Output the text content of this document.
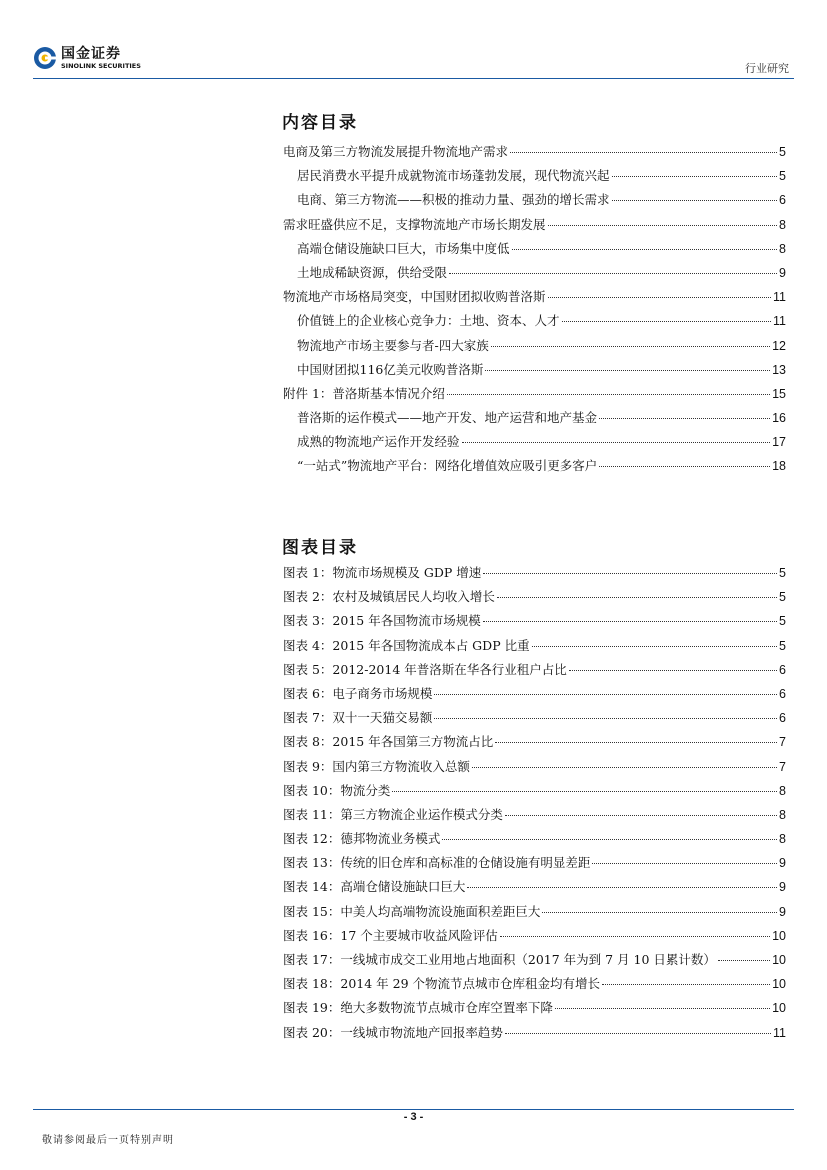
国金证券
SINOLINK SECURITIES	行业研究
内容目录
电商及第三方物流发展提升物流地产需求	5
居民消费水平提升成就物流市场蓬勃发展，现代物流兴起	5
电商、第三方物流——积极的推动力量、强劲的增长需求	6
需求旺盛供应不足，支撑物流地产市场长期发展	8
高端仓储设施缺口巨大，市场集中度低	8
土地成稀缺资源，供给受限	9
物流地产市场格局突变，中国财团拟收购普洛斯	11
价值链上的企业核心竞争力：土地、资本、人才	11
物流地产市场主要参与者-四大家族	12
中国财团拟116亿美元收购普洛斯	13
附件 1：普洛斯基本情况介绍	15
普洛斯的运作模式——地产开发、地产运营和地产基金	16
成熟的物流地产运作开发经验	17
“一站式”物流地产平台：网络化增值效应吸引更多客户	18
图表目录
图表 1：物流市场规模及 GDP 增速	5
图表 2：农村及城镇居民人均收入增长	5
图表 3：2015 年各国物流市场规模	5
图表 4：2015 年各国物流成本占 GDP 比重	5
图表 5：2012-2014 年普洛斯在华各行业租户占比	6
图表 6：电子商务市场规模	6
图表 7：双十一天猫交易额	6
图表 8：2015 年各国第三方物流占比	7
图表 9：国内第三方物流收入总额	7
图表 10：物流分类	8
图表 11：第三方物流企业运作模式分类	8
图表 12：德邦物流业务模式	8
图表 13：传统的旧仓库和高标准的仓储设施有明显差距	9
图表 14：高端仓储设施缺口巨大	9
图表 15：中美人均高端物流设施面积差距巨大	9
图表 16：17 个主要城市收益风险评估	10
图表 17：一线城市成交工业用地占地面积（2017 年为到 7 月 10 日累计数）	10
图表 18：2014 年 29 个物流节点城市仓库租金均有增长	10
图表 19：绝大多数物流节点城市仓库空置率下降	10
图表 20：一线城市物流地产回报率趋势	11
- 3 -
敬请参阅最后一页特别声明
